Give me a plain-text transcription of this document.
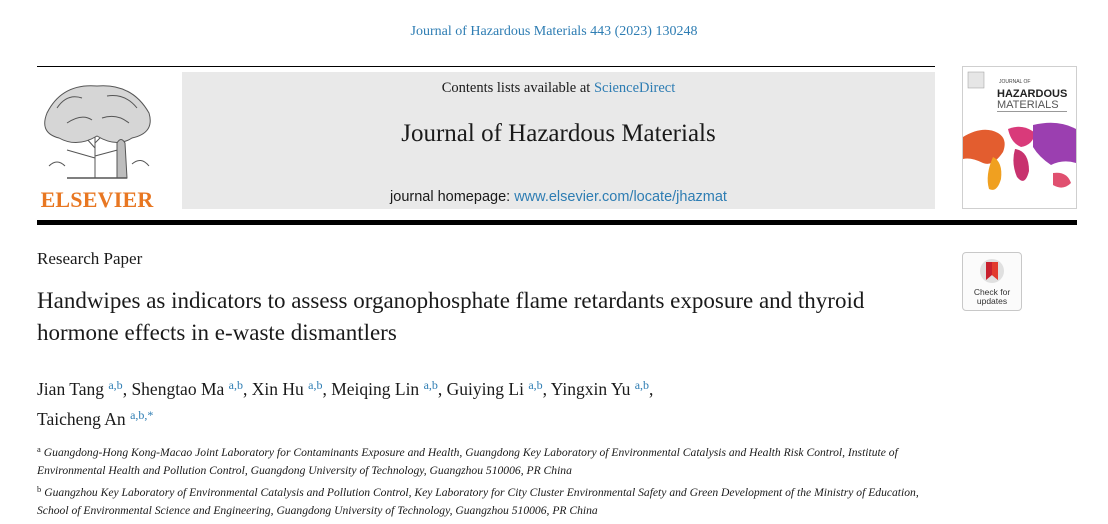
Journal of Hazardous Materials 443 (2023) 130248
ELSEVIER
Contents lists available at ScienceDirect
Journal of Hazardous Materials
journal homepage: www.elsevier.com/locate/jhazmat
JOURNAL OF
HAZARDOUS
MATERIALS
Research Paper
Handwipes as indicators to assess organophosphate flame retardants exposure and thyroid hormone effects in e-waste dismantlers
Check for
updates
Jian Tang $^{a,b}$, Shengtao Ma $^{a,b}$, Xin Hu $^{a,b}$, Meiqing Lin $^{a,b}$, Guiying Li $^{a,b}$, Yingxin Yu $^{a,b}$,
Taicheng An $^{a,b,*}$

$^a$ Guangdong-Hong Kong-Macao Joint Laboratory for Contaminants Exposure and Health, Guangdong Key Laboratory of Environmental Catalysis and Health Risk Control, Institute of Environmental Health and Pollution Control, Guangdong University of Technology, Guangzhou 510006, PR China

$^b$ Guangzhou Key Laboratory of Environmental Catalysis and Pollution Control, Key Laboratory for City Cluster Environmental Safety and Green Development of the Ministry of Education, School of Environmental Science and Engineering, Guangdong University of Technology, Guangzhou 510006, PR China
